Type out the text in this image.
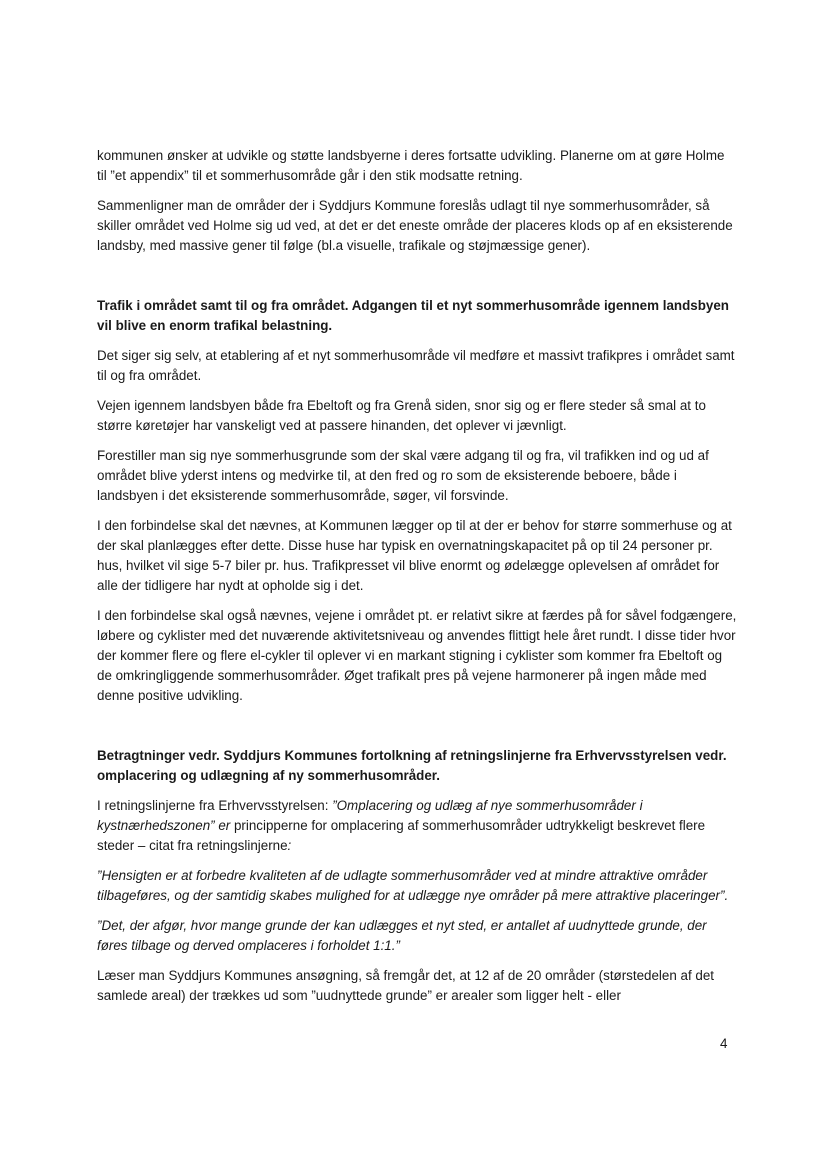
kommunen ønsker at udvikle og støtte landsbyerne i deres fortsatte udvikling. Planerne om at gøre Holme til ”et appendix” til et sommerhusområde går i den stik modsatte retning.

Sammenligner man de områder der i Syddjurs Kommune foreslås udlagt til nye sommerhusområder, så skiller området ved Holme sig ud ved, at det er det eneste område der placeres klods op af en eksisterende landsby, med massive gener til følge (bl.a visuelle, trafikale og støjmæssige gener).

Trafik i området samt til og fra området. Adgangen til et nyt sommerhusområde igennem landsbyen vil blive en enorm trafikal belastning.

Det siger sig selv, at etablering af et nyt sommerhusområde vil medføre et massivt trafikpres i området samt til og fra området.

Vejen igennem landsbyen både fra Ebeltoft og fra Grenå siden, snor sig og er flere steder så smal at to større køretøjer har vanskeligt ved at passere hinanden, det oplever vi jævnligt.

Forestiller man sig nye sommerhusgrunde som der skal være adgang til og fra, vil trafikken ind og ud af området blive yderst intens og medvirke til, at den fred og ro som de eksisterende beboere, både i landsbyen i det eksisterende sommerhusområde, søger, vil forsvinde.

I den forbindelse skal det nævnes, at Kommunen lægger op til at der er behov for større sommerhuse og at der skal planlægges efter dette. Disse huse har typisk en overnatningskapacitet på op til 24 personer pr. hus, hvilket vil sige 5-7 biler pr. hus. Trafikpresset vil blive enormt og ødelægge oplevelsen af området for alle der tidligere har nydt at opholde sig i det.

I den forbindelse skal også nævnes, vejene i området pt. er relativt sikre at færdes på for såvel fodgængere, løbere og cyklister med det nuværende aktivitetsniveau og anvendes flittigt hele året rundt. I disse tider hvor der kommer flere og flere el-cykler til oplever vi en markant stigning i cyklister som kommer fra Ebeltoft og de omkringliggende sommerhusområder. Øget trafikalt pres på vejene harmonerer på ingen måde med denne positive udvikling.

Betragtninger vedr. Syddjurs Kommunes fortolkning af retningslinjerne fra Erhvervsstyrelsen vedr. omplacering og udlægning af ny sommerhusområder.

I retningslinjerne fra Erhvervsstyrelsen: ”Omplacering og udlæg af nye sommerhusområder i kystnærhedszonen” er principperne for omplacering af sommerhusområder udtrykkeligt beskrevet flere steder – citat fra retningslinjerne:

”Hensigten er at forbedre kvaliteten af de udlagte sommerhusområder ved at mindre attraktive områder tilbageføres, og der samtidig skabes mulighed for at udlægge nye områder på mere attraktive placeringer”.

”Det, der afgør, hvor mange grunde der kan udlægges et nyt sted, er antallet af uudnyttede grunde, der føres tilbage og derved omplaceres i forholdet 1:1.”

Læser man Syddjurs Kommunes ansøgning, så fremgår det, at 12 af de 20 områder (størstedelen af det samlede areal) der trækkes ud som ”uudnyttede grunde” er arealer som ligger helt - eller

4
